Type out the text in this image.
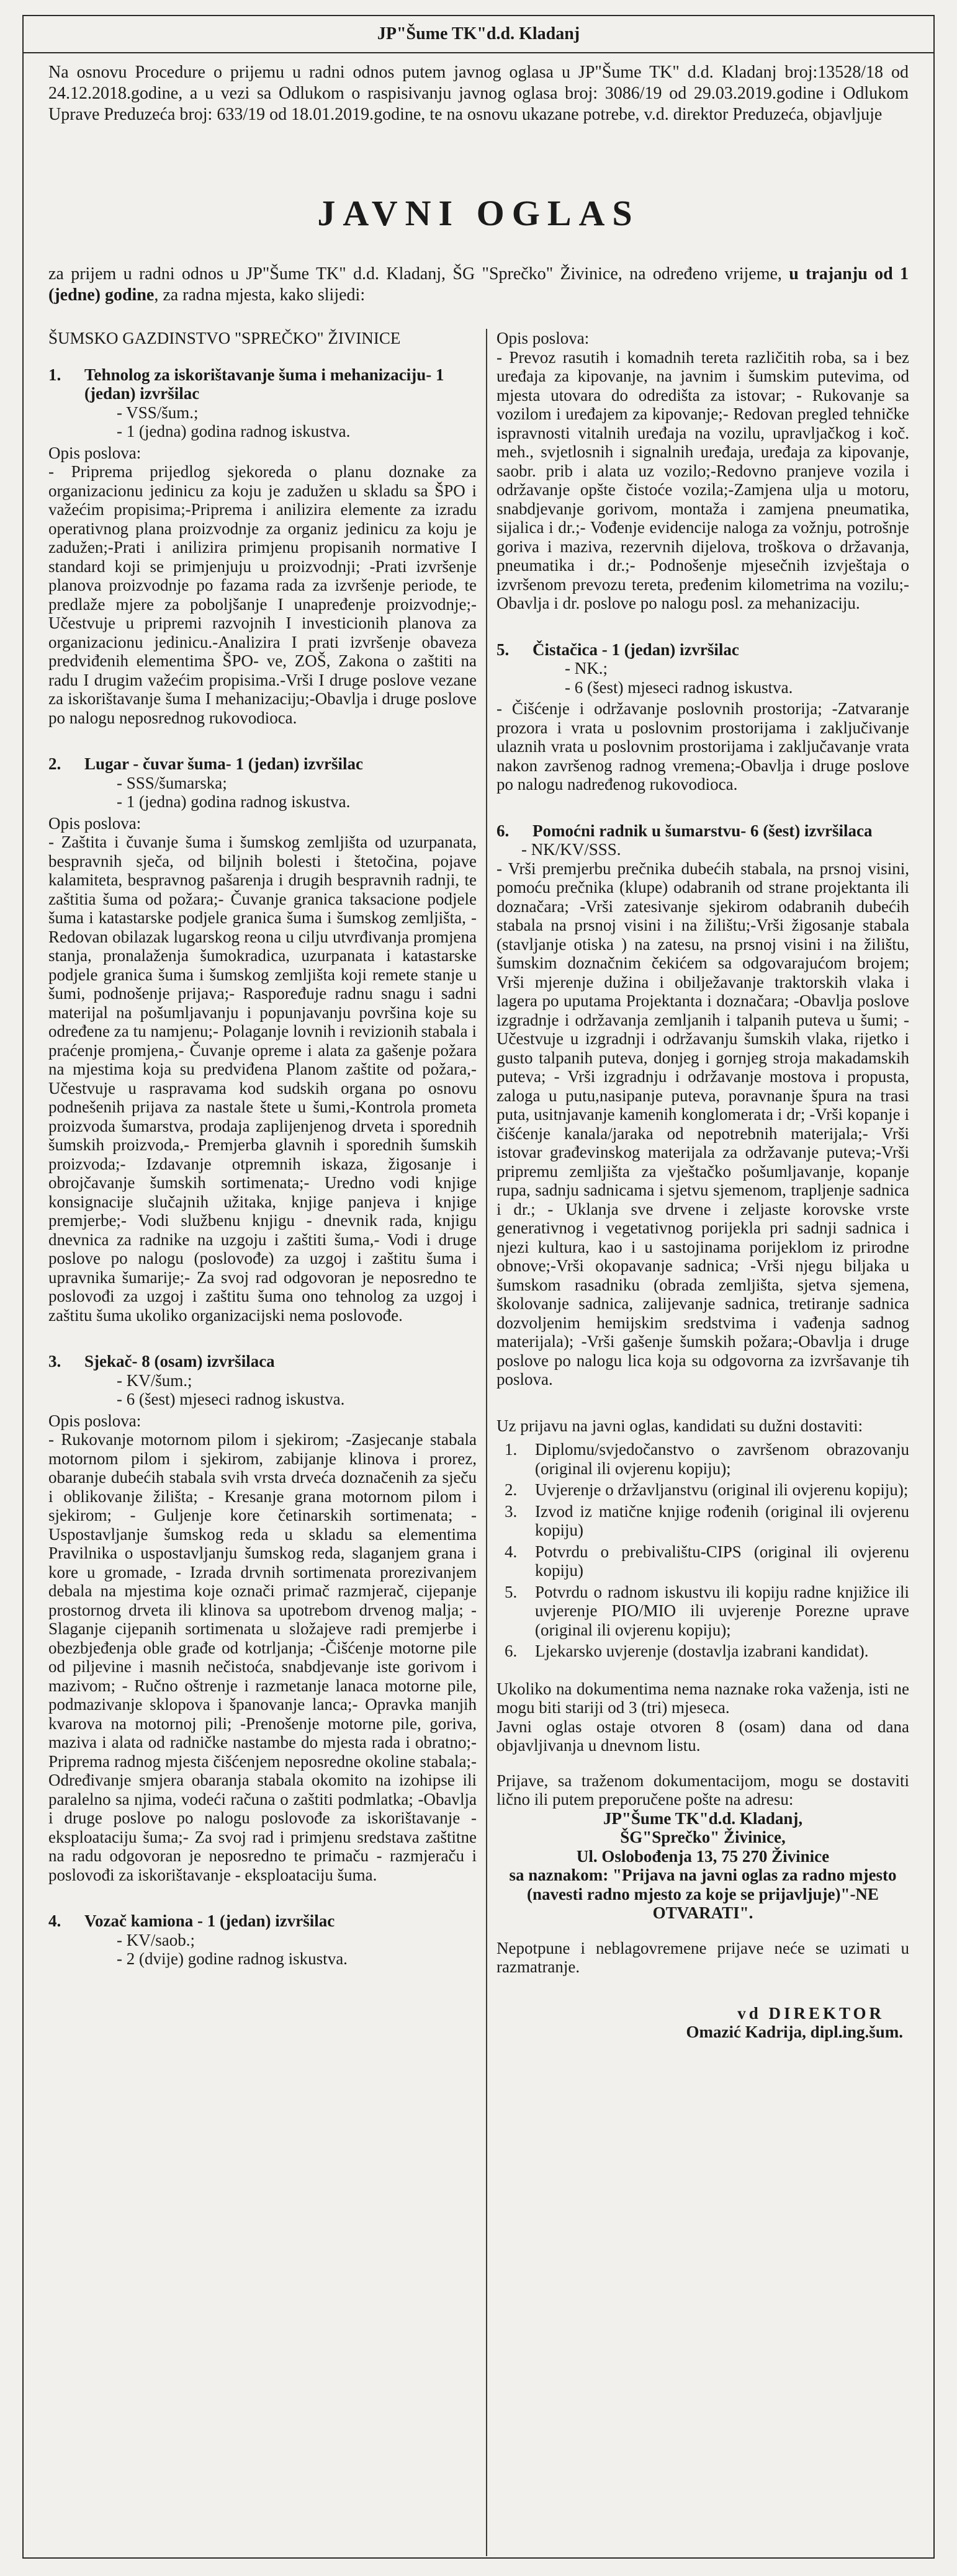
JP"Šume TK"d.d. Kladanj
Na osnovu Procedure o prijemu u radni odnos putem javnog oglasa u JP"Šume TK" d.d. Kladanj broj:13528/18 od 24.12.2018.godine, a u vezi sa Odlukom o raspisivanju javnog oglasa broj: 3086/19 od 29.03.2019.godine i Odlukom Uprave Preduzeća broj: 633/19 od 18.01.2019.godine, te na osnovu ukazane potrebe, v.d. direktor Preduzeća, objavljuje
JAVNI OGLAS
za prijem u radni odnos u JP"Šume TK" d.d. Kladanj, ŠG "Sprečko" Živinice, na određeno vrijeme, u trajanju od 1 (jedne) godine, za radna mjesta, kako slijedi:

ŠUMSKO GAZDINSTVO "SPREČKO" ŽIVINICE

1. Tehnolog za iskorištavanje šuma i mehanizaciju- 1 (jedan) izvršilac

- VSS/šum.;

- 1 (jedna) godina radnog iskustva.

Opis poslova:

- Priprema prijedlog sjekoreda o planu doznake za organizacionu jedinicu za koju je zadužen u skladu sa ŠPO i važećim propisima;-Priprema i anilizira elemente za izradu operativnog plana proizvodnje za organiz jedinicu za koju je zadužen;-Prati i anilizira primjenu propisanih normative I standard koji se primjenjuju u proizvodnji; -Prati izvršenje planova proizvodnje po fazama rada za izvršenje periode, te predlaže mjere za poboljšanje I unapređenje proizvodnje;-Učestvuje u pripremi razvojnih I investicionih planova za organizacionu jedinicu.-Analizira I prati izvršenje obaveza predviđenih elementima ŠPO- ve, ZOŠ, Zakona o zaštiti na radu I drugim važećim propisima.-Vrši I druge poslove vezane za iskorištavanje šuma I mehanizaciju;-Obavlja i druge poslove po nalogu neposrednog rukovodioca.

2. Lugar - čuvar šuma- 1 (jedan) izvršilac

- SSS/šumarska;

- 1 (jedna) godina radnog iskustva.

Opis poslova:

- Zaštita i čuvanje šuma i šumskog zemljišta od uzurpanata, bespravnih sječa, od biljnih bolesti i štetočina, pojave kalamiteta, bespravnog pašarenja i drugih bespravnih radnji, te zaštitia šuma od požara;- Čuvanje granica taksacione podjele šuma i katastarske podjele granica šuma i šumskog zemljišta, -Redovan obilazak lugarskog reona u cilju utvrđivanja promjena stanja, pronalaženja šumokradica, uzurpanata i katastarske podjele granica šuma i šumskog zemljišta koji remete stanje u šumi, podnošenje prijava;- Raspoređuje radnu snagu i sadni materijal na pošumljavanju i popunjavanju površina koje su određene za tu namjenu;- Polaganje lovnih i revizionih stabala i praćenje promjena,- Čuvanje opreme i alata za gašenje požara na mjestima koja su predviđena Planom zaštite od požara,- Učestvuje u raspravama kod sudskih organa po osnovu podnešenih prijava za nastale štete u šumi,-Kontrola prometa proizvoda šumarstva, prodaja zaplijenjenog drveta i sporednih šumskih proizvoda,- Premjerba glavnih i sporednih šumskih proizvoda;- Izdavanje otpremnih iskaza, žigosanje i obrojčavanje šumskih sortimenata;- Uredno vodi knjige konsignacije slučajnih užitaka, knjige panjeva i knjige premjerbe;- Vodi službenu knjigu - dnevnik rada, knjigu dnevnica za radnike na uzgoju i zaštiti šuma,- Vodi i druge poslove po nalogu (poslovođe) za uzgoj i zaštitu šuma i upravnika šumarije;- Za svoj rad odgovoran je neposredno te poslovođi za uzgoj i zaštitu šuma ono tehnolog za uzgoj i zaštitu šuma ukoliko organizacijski nema poslovođe.

3. Sjekač- 8 (osam) izvršilaca

- KV/šum.;

- 6 (šest) mjeseci radnog iskustva.

Opis poslova:

- Rukovanje motornom pilom i sjekirom; -Zasjecanje stabala motornom pilom i sjekirom, zabijanje klinova i prorez, obaranje dubećih stabala svih vrsta drveća doznačenih za sječu i oblikovanje žilišta; - Kresanje grana motornom pilom i sjekirom; - Guljenje kore četinarskih sortimenata; -Uspostavljanje šumskog reda u skladu sa elementima Pravilnika o uspostavljanju šumskog reda, slaganjem grana i kore u gromade, - Izrada drvnih sortimenata prorezivanjem debala na mjestima koje označi primač razmjerač, cijepanje prostornog drveta ili klinova sa upotrebom drvenog malja; -Slaganje cijepanih sortimenata u složajeve radi premjerbe i obezbjeđenja oble građe od kotrljanja; -Čišćenje motorne pile od piljevine i masnih nečistoća, snabdjevanje iste gorivom i mazivom; - Ručno oštrenje i razmetanje lanaca motorne pile, podmazivanje sklopova i španovanje lanca;- Opravka manjih kvarova na motornoj pili; -Prenošenje motorne pile, goriva, maziva i alata od radničke nastambe do mjesta rada i obratno;-Priprema radnog mjesta čišćenjem neposredne okoline stabala;- Određivanje smjera obaranja stabala okomito na izohipse ili paralelno sa njima, vodeći računa o zaštiti podmlatka; -Obavlja i druge poslove po nalogu poslovođe za iskorištavanje - eksploataciju šuma;- Za svoj rad i primjenu sredstava zaštitne na radu odgovoran je neposredno te primaču - razmjeraču i poslovođi za iskorištavanje - eksploataciju šuma.

4. Vozač kamiona - 1 (jedan) izvršilac

- KV/saob.;

- 2 (dvije) godine radnog iskustva.

Opis poslova:

- Prevoz rasutih i komadnih tereta različitih roba, sa i bez uređaja za kipovanje, na javnim i šumskim putevima, od mjesta utovara do odredišta za istovar; - Rukovanje sa vozilom i uređajem za kipovanje;- Redovan pregled tehničke ispravnosti vitalnih uređaja na vozilu, upravljačkog i koč. meh., svjetlosnih i signalnih uređaja, uređaja za kipovanje, saobr. prib i alata uz vozilo;-Redovno pranjeve vozila i održavanje opšte čistoće vozila;-Zamjena ulja u motoru, snabdjevanje gorivom, montaža i zamjena pneumatika, sijalica i dr.;- Vođenje evidencije naloga za vožnju, potrošnje goriva i maziva, rezervnih dijelova, troškova o državanja, pneumatika i dr.;- Podnošenje mjesečnih izvještaja o izvršenom prevozu tereta, pređenim kilometrima na vozilu;-Obavlja i dr. poslove po nalogu posl. za mehanizaciju.

5. Čistačica - 1 (jedan) izvršilac

- NK.;

- 6 (šest) mjeseci radnog iskustva.

- Čišćenje i održavanje poslovnih prostorija; -Zatvaranje prozora i vrata u poslovnim prostorijama i zaključivanje ulaznih vrata u poslovnim prostorijama i zaključavanje vrata nakon završenog radnog vremena;-Obavlja i druge poslove po nalogu nadređenog rukovodioca.

6. Pomoćni radnik u šumarstvu- 6 (šest) izvršilaca

- NK/KV/SSS.

- Vrši premjerbu prečnika dubećih stabala, na prsnoj visini, pomoću prečnika (klupe) odabranih od strane projektanta ili doznačara; -Vrši zatesivanje sjekirom odabranih dubećih stabala na prsnoj visini i na žilištu;-Vrši žigosanje stabala (stavljanje otiska ) na zatesu, na prsnoj visini i na žilištu, šumskim doznačnim čekićem sa odgovarajućom brojem; Vrši mjerenje dužina i obilježavanje traktorskih vlaka i lagera po uputama Projektanta i doznačara; -Obavlja poslove izgradnje i održavanja zemljanih i talpanih puteva u šumi; - Učestvuje u izgradnji i održavanju šumskih vlaka, rijetko i gusto talpanih puteva, donjeg i gornjeg stroja makadamskih puteva; - Vrši izgradnju i održavanje mostova i propusta, zaloga u putu,nasipanje puteva, poravnanje špura na trasi puta, usitnjavanje kamenih konglomerata i dr; -Vrši kopanje i čišćenje kanala/jaraka od nepotrebnih materijala;- Vrši istovar građevinskog materijala za održavanje puteva;-Vrši pripremu zemljišta za vještačko pošumljavanje, kopanje rupa, sadnju sadnicama i sjetvu sjemenom, trapljenje sadnica i dr.; - Uklanja sve drvene i zeljaste korovske vrste generativnog i vegetativnog porijekla pri sadnji sadnica i njezi kultura, kao i u sastojinama porijeklom iz prirodne obnove;-Vrši okopavanje sadnica; -Vrši njegu biljaka u šumskom rasadniku (obrada zemljišta, sjetva sjemena, školovanje sadnica, zalijevanje sadnica, tretiranje sadnica dozvoljenim hemijskim sredstvima i vađenja sadnog materijala); -Vrši gašenje šumskih požara;-Obavlja i druge poslove po nalogu lica koja su odgovorna za izvršavanje tih poslova.

Uz prijavu na javni oglas, kandidati su dužni dostaviti:

1. Diplomu/svjedočanstvo o završenom obrazovanju (original ili ovjerenu kopiju);
2. Uvjerenje o državljanstvu (original ili ovjerenu kopiju);
3. Izvod iz matične knjige rođenih (original ili ovjerenu kopiju)
4. Potvrdu o prebivalištu-CIPS (original ili ovjerenu kopiju)
5. Potvrdu o radnom iskustvu ili kopiju radne knjižice ili uvjerenje PIO/MIO ili uvjerenje Porezne uprave (original ili ovjerenu kopiju);
6. Ljekarsko uvjerenje (dostavlja izabrani kandidat).

Ukoliko na dokumentima nema naznake roka važenja, isti ne mogu biti stariji od 3 (tri) mjeseca.

Javni oglas ostaje otvoren 8 (osam) dana od dana objavljivanja u dnevnom listu.

Prijave, sa traženom dokumentacijom, mogu se dostaviti lično ili putem preporučene pošte na adresu:

JP"Šume TK"d.d. Kladanj,

ŠG"Sprečko" Živinice,

Ul. Oslobođenja 13, 75 270 Živinice

sa naznakom: "Prijava na javni oglas za radno mjesto (navesti radno mjesto za koje se prijavljuje)"-NE OTVARATI".

Nepotpune i neblagovremene prijave neće se uzimati u razmatranje.

vd DIREKTOR

Omazić Kadrija, dipl.ing.šum.
